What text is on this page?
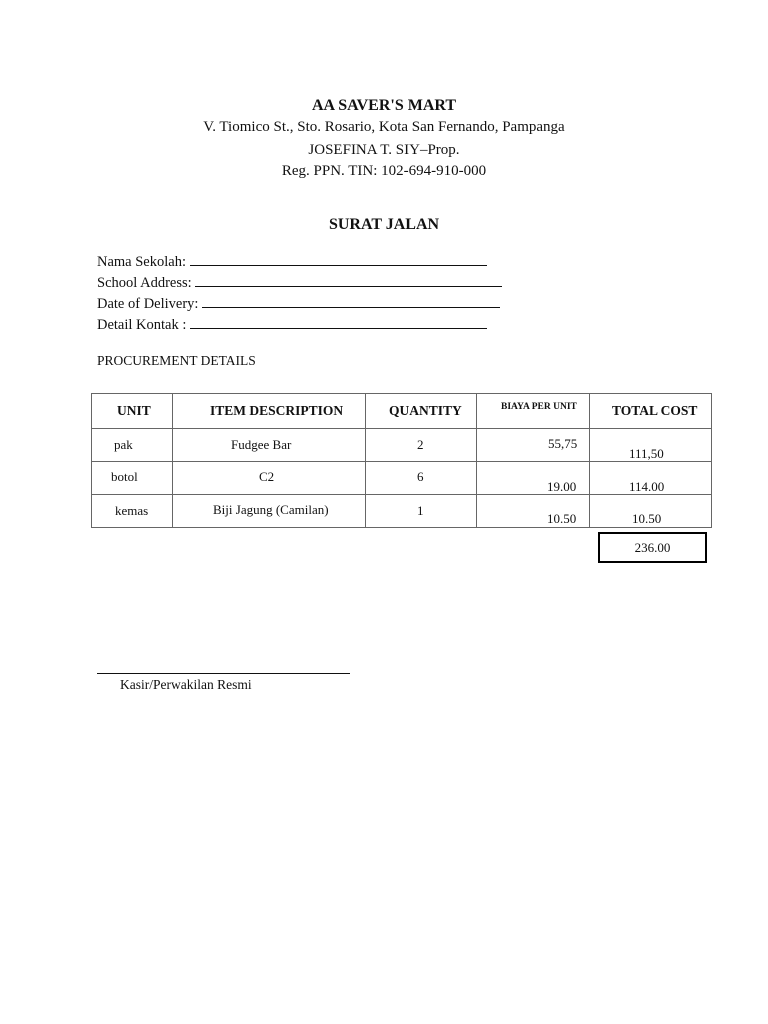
AA SAVER'S MART
V. Tiomico St., Sto. Rosario, Kota San Fernando, Pampanga
JOSEFINA T. SIY–Prop.
Reg. PPN. TIN: 102-694-910-000
SURAT JALAN
Nama Sekolah:
School Address:
Date of Delivery:
Detail Kontak :
PROCUREMENT DETAILS
UNIT	ITEM DESCRIPTION	QUANTITY	BIAYA PER UNIT	TOTAL COST

pak	Fudgee Bar	2	55,75	111,50

botol	C2	6	19.00	114.00

kemas	Biji Jagung (Camilan)	1	10.50	10.50
236.00
Kasir/Perwakilan Resmi
